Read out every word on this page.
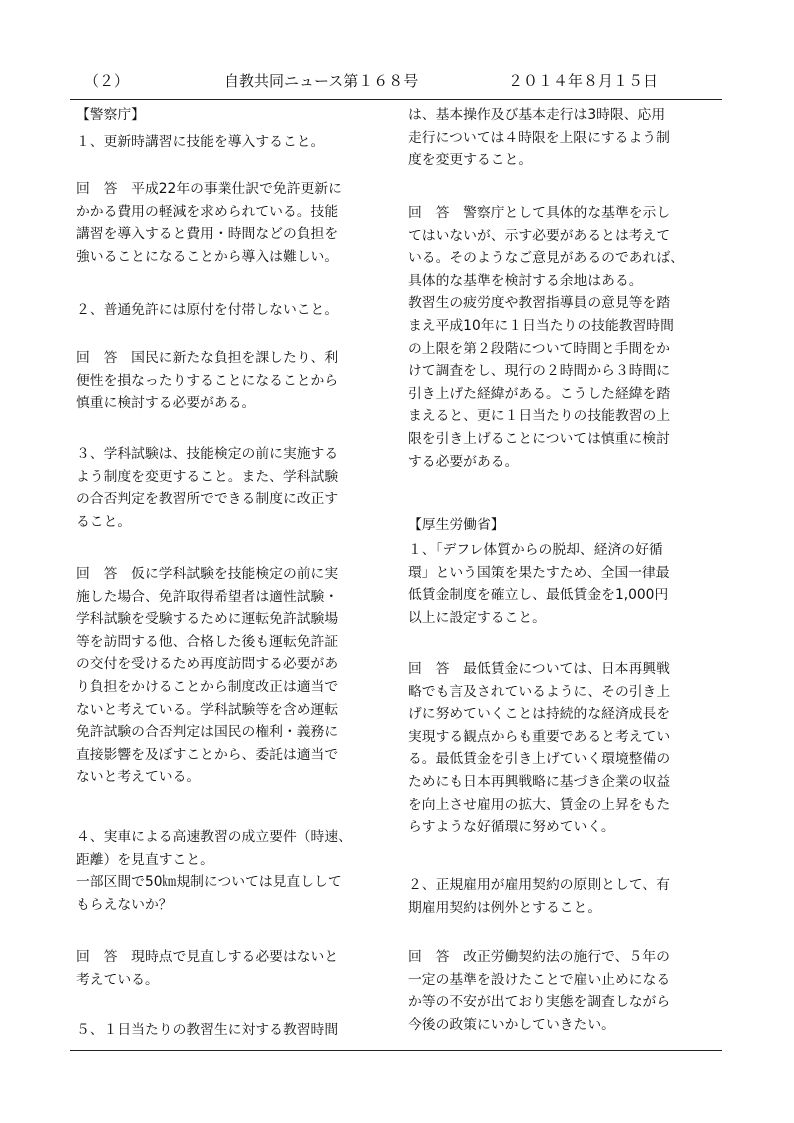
（２）	自教共同ニュース第１６８号	２０１４年８月１５日

【警察庁】

１、更新時講習に技能を導入すること。

回　答　平成22年の事業仕訳で免許更新に
かかる費用の軽減を求められている。技能
講習を導入すると費用・時間などの負担を
強いることになることから導入は難しい。

２、普通免許には原付を付帯しないこと。

回　答　国民に新たな負担を課したり、利
便性を損なったりすることになることから
慎重に検討する必要がある。

３、学科試験は、技能検定の前に実施する
よう制度を変更すること。また、学科試験
の合否判定を教習所でできる制度に改正す
ること。

回　答　仮に学科試験を技能検定の前に実
施した場合、免許取得希望者は適性試験・
学科試験を受験するために運転免許試験場
等を訪問する他、合格した後も運転免許証
の交付を受けるため再度訪問する必要があ
り負担をかけることから制度改正は適当で
ないと考えている。学科試験等を含め運転
免許試験の合否判定は国民の権利・義務に
直接影響を及ぼすことから、委託は適当で
ないと考えている。

４、実車による高速教習の成立要件（時速、
距離）を見直すこと。
一部区間で50㎞規制については見直しして
もらえないか？

回　答　現時点で見直しする必要はないと
考えている。

５、１日当たりの教習生に対する教習時間

は、基本操作及び基本走行は3時限、応用
走行については４時限を上限にするよう制
度を変更すること。

回　答　警察庁として具体的な基準を示し
てはいないが、示す必要があるとは考えて
いる。そのようなご意見があるのであれば、
具体的な基準を検討する余地はある。
教習生の疲労度や教習指導員の意見等を踏
まえ平成10年に１日当たりの技能教習時間
の上限を第２段階について時間と手間をか
けて調査をし、現行の２時間から３時間に
引き上げた経緯がある。こうした経緯を踏
まえると、更に１日当たりの技能教習の上
限を引き上げることについては慎重に検討
する必要がある。

【厚生労働省】

１、「デフレ体質からの脱却、経済の好循
環」という国策を果たすため、全国一律最
低賃金制度を確立し、最低賃金を1,000円
以上に設定すること。

回　答　最低賃金については、日本再興戦
略でも言及されているように、その引き上
げに努めていくことは持続的な経済成長を
実現する観点からも重要であると考えてい
る。最低賃金を引き上げていく環境整備の
ためにも日本再興戦略に基づき企業の収益
を向上させ雇用の拡大、賃金の上昇をもた
らすような好循環に努めていく。

２、正規雇用が雇用契約の原則として、有
期雇用契約は例外とすること。

回　答　改正労働契約法の施行で、５年の
一定の基準を設けたことで雇い止めになる
か等の不安が出ており実態を調査しながら
今後の政策にいかしていきたい。
